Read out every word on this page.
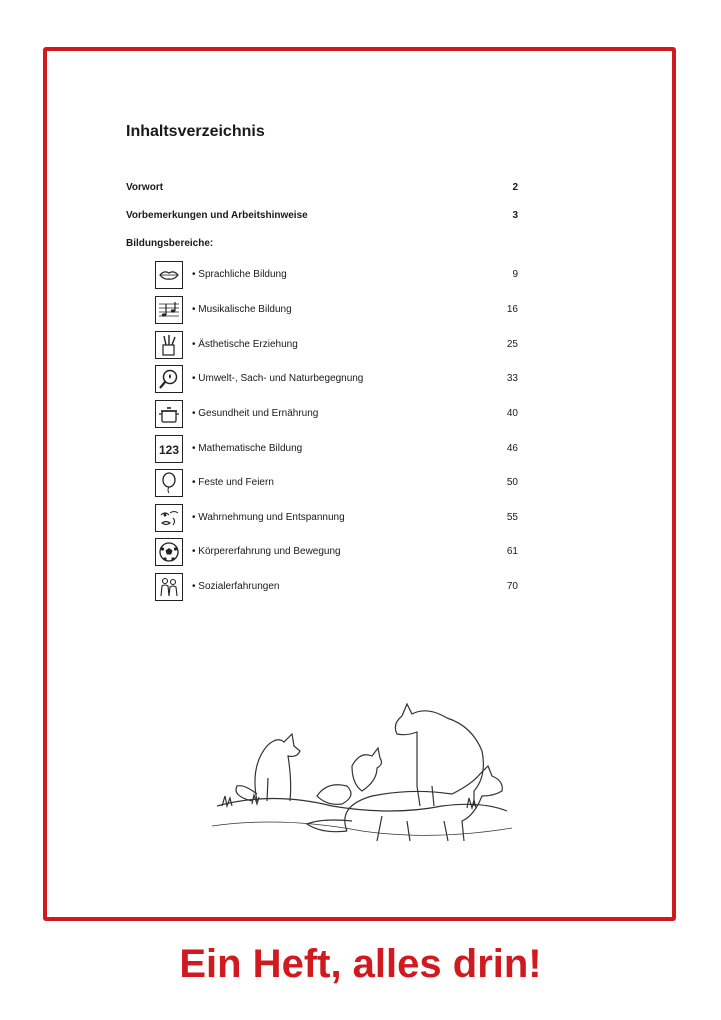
Inhaltsverzeichnis
Vorwort	2
Vorbemerkungen und Arbeitshinweise	3
Bildungsbereiche:
• Sprachliche Bildung	9
• Musikalische Bildung	16
• Ästhetische Erziehung	25
• Umwelt-, Sach- und Naturbegegnung	33
• Gesundheit und Ernährung	40
123 • Mathematische Bildung	46
• Feste und Feiern	50
• Wahrnehmung und Entspannung	55
• Körpererfahrung und Bewegung	61
• Sozialerfahrungen	70
Ein Heft, alles drin!
